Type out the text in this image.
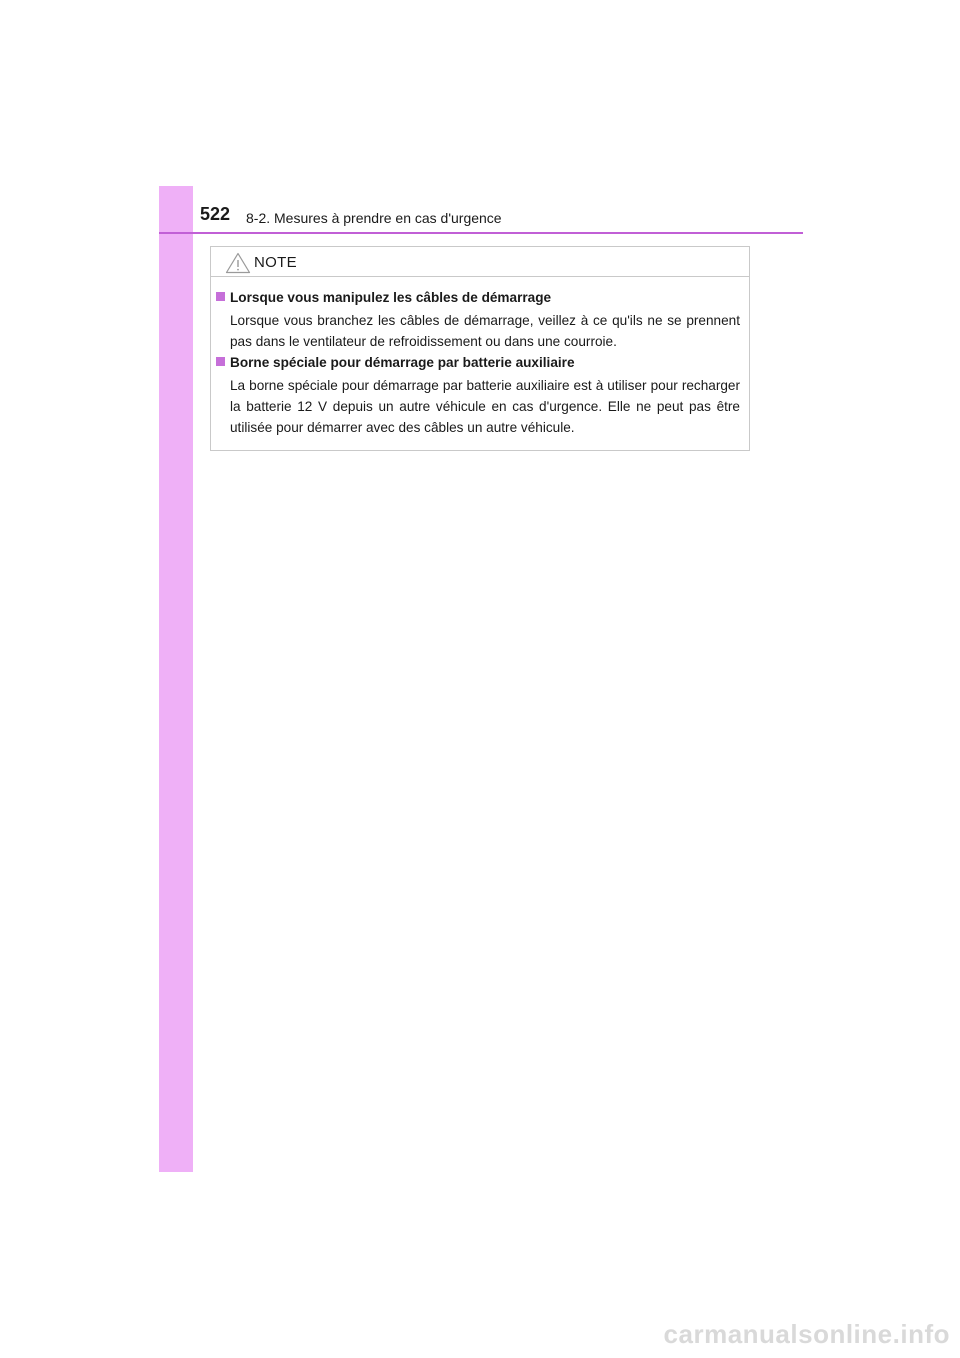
522 8-2. Mesures à prendre en cas d'urgence
NOTE
Lorsque vous manipulez les câbles de démarrage
Lorsque vous branchez les câbles de démarrage, veillez à ce qu'ils ne se prennent pas dans le ventilateur de refroidissement ou dans une courroie.
Borne spéciale pour démarrage par batterie auxiliaire
La borne spéciale pour démarrage par batterie auxiliaire est à utiliser pour recharger la batterie 12 V depuis un autre véhicule en cas d'urgence. Elle ne peut pas être utilisée pour démarrer avec des câbles un autre véhicule.
carmanualsonline.info
